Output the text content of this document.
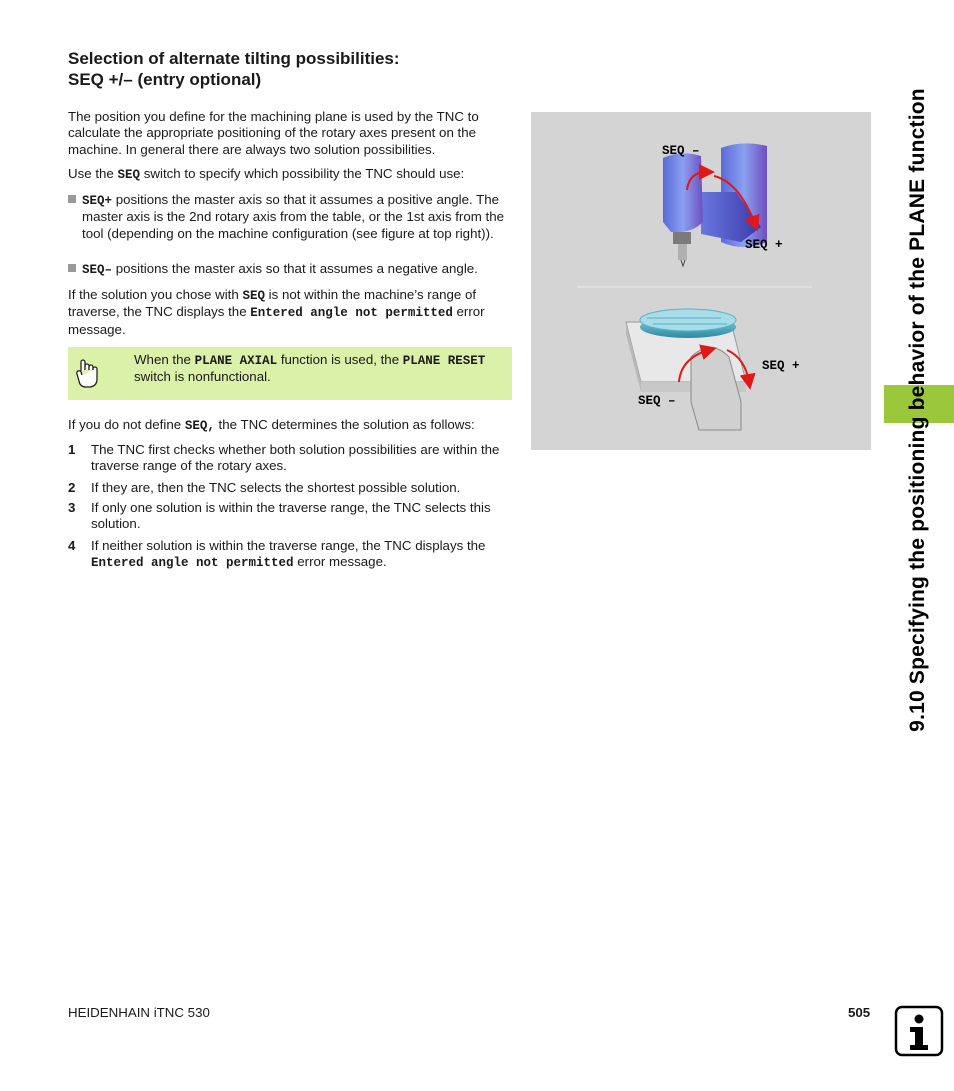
Selection of alternate tilting possibilities:
SEQ +/– (entry optional)

The position you define for the machining plane is used by the TNC to calculate the appropriate positioning of the rotary axes present on the machine. In general there are always two solution possibilities.

Use the SEQ switch to specify which possibility the TNC should use:

SEQ+ positions the master axis so that it assumes a positive angle. The master axis is the 2nd rotary axis from the table, or the 1st axis from the tool (depending on the machine configuration (see figure at top right)).
SEQ– positions the master axis so that it assumes a negative angle.

If the solution you chose with SEQ is not within the machine’s range of traverse, the TNC displays the Entered angle not permitted error message.

When the PLANE AXIAL function is used, the PLANE RESET switch is nonfunctional.

If you do not define SEQ, the TNC determines the solution as follows:

1 The TNC first checks whether both solution possibilities are within the traverse range of the rotary axes.
2 If they are, then the TNC selects the shortest possible solution.
3 If only one solution is within the traverse range, the TNC selects this solution.
4 If neither solution is within the traverse range, the TNC displays the Entered angle not permitted error message.
SEQ –
SEQ +
SEQ +
SEQ –	9.10 Specifying the positioning behavior of the PLANE function
HEIDENHAIN iTNC 530	505
